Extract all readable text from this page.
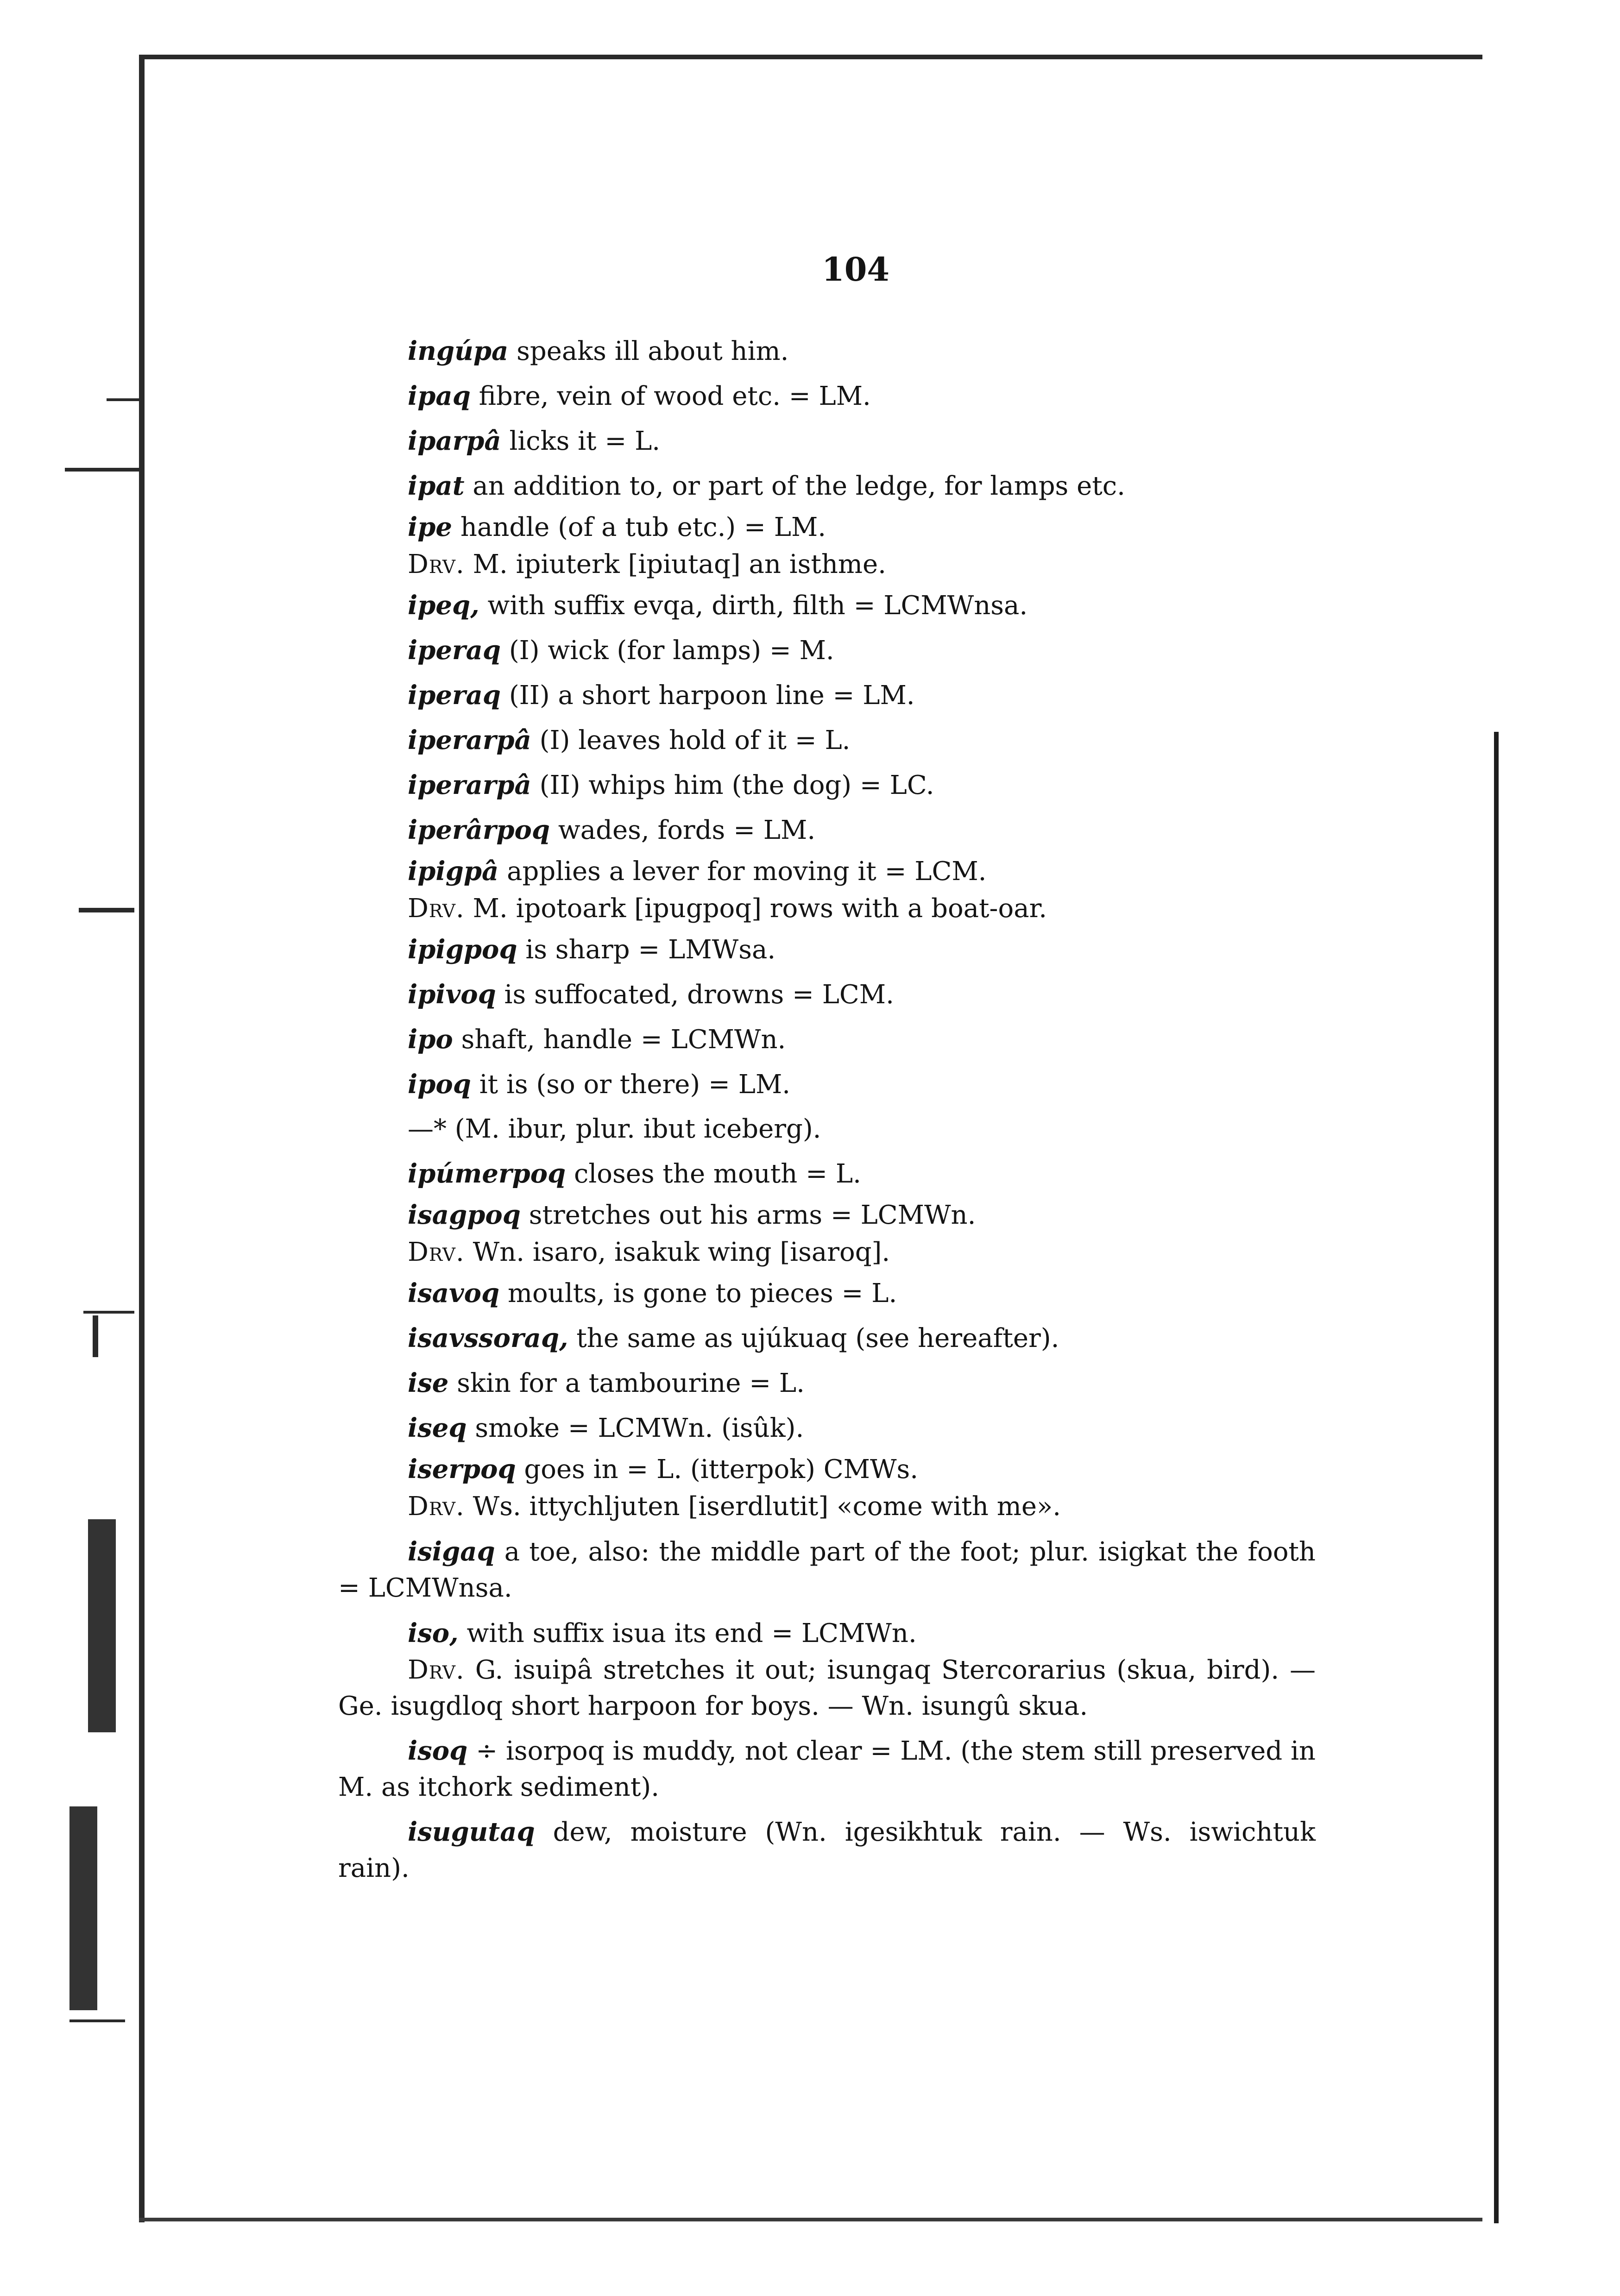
104
ingúpa speaks ill about him.
ipaq fibre, vein of wood etc. = LM.
iparpâ licks it = L.
ipat an addition to, or part of the ledge, for lamps etc.
ipe handle (of a tub etc.) = LM.
Drv. M. ipiuterk [ipiutaq] an isthme.
ipeq, with suffix evqa, dirth, filth = LCMWnsa.
iperaq (I) wick (for lamps) = M.
iperaq (II) a short harpoon line = LM.
iperarpâ (I) leaves hold of it = L.
iperarpâ (II) whips him (the dog) = LC.
iperârpoq wades, fords = LM.
ipigpâ applies a lever for moving it = LCM.
Drv. M. ipotoark [ipugpoq] rows with a boat-oar.
ipigpoq is sharp = LMWsa.
ipivoq is suffocated, drowns = LCM.
ipo shaft, handle = LCMWn.
ipoq it is (so or there) = LM.
—* (M. ibur, plur. ibut iceberg).
ipúmerpoq closes the mouth = L.
isagpoq stretches out his arms = LCMWn.
Drv. Wn. isaro, isakuk wing [isaroq].
isavoq moults, is gone to pieces = L.
isavssoraq, the same as ujúkuaq (see hereafter).
ise skin for a tambourine = L.
iseq smoke = LCMWn. (isûk).
iserpoq goes in = L. (itterpok) CMWs.
Drv. Ws. ittychljuten [iserdlutit] «come with me».
isigaq a toe, also: the middle part of the foot; plur. isigkat the footh = LCMWnsa.
iso, with suffix isua its end = LCMWn.
Drv. G. isuipâ stretches it out; isungaq Stercorarius (skua, bird). — Ge. isugdloq short harpoon for boys. — Wn. isungû skua.
isoq ÷ isorpoq is muddy, not clear = LM. (the stem still preserved in M. as itchork sediment).
isugutaq dew, moisture (Wn. igesikhtuk rain. — Ws. iswichtuk rain).
